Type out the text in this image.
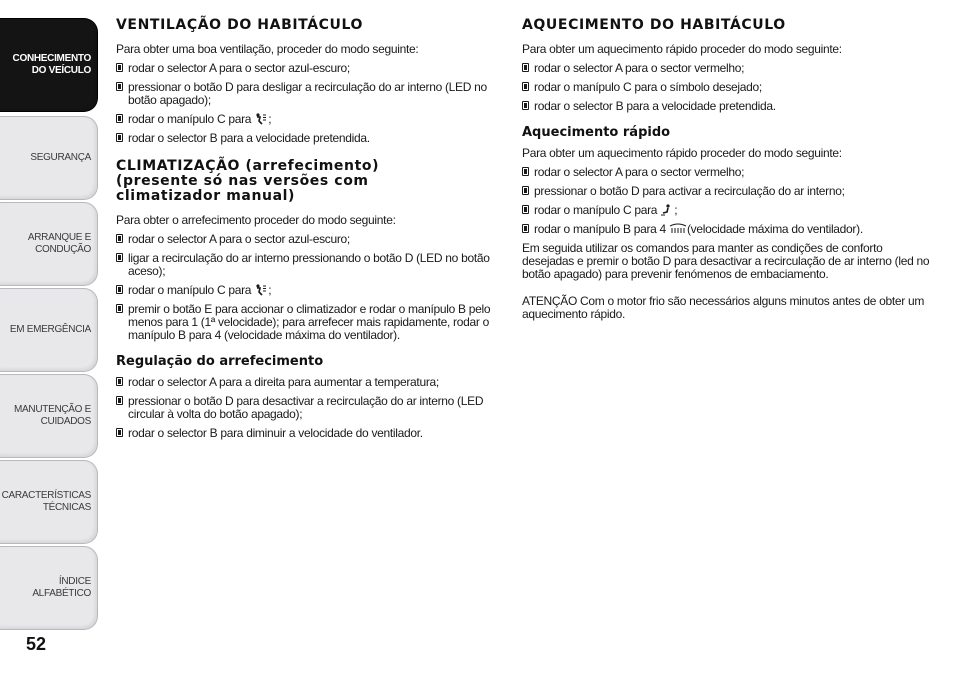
CONHECIMENTO
DO VEÍCULO
SEGURANÇA
ARRANQUE E
CONDUÇÃO
EM EMERGÊNCIA
MANUTENÇÃO E
CUIDADOS
CARACTERÍSTICAS
TÉCNICAS
ÍNDICE ALFABÉTICO
52
VENTILAÇÃO DO HABITÁCULO
Para obter uma boa ventilação, proceder do modo seguinte:
rodar o selector A para o sector azul-escuro;
pressionar o botão D para desligar a recirculação do ar interno (LED no botão apagado);
rodar o manípulo C para ;
rodar o selector B para a velocidade pretendida.
CLIMATIZAÇÃO (arrefecimento)
(presente só nas versões com
climatizador manual)
Para obter o arrefecimento proceder do modo seguinte:
rodar o selector A para o sector azul-escuro;
ligar a recirculação do ar interno pressionando o botão D (LED no botão aceso);
rodar o manípulo C para ;
premir o botão E para accionar o climatizador e rodar o manípulo B pelo menos para 1 (1ª velocidade); para arrefecer mais rapidamente, rodar o manípulo B para 4 (velocidade máxima do ventilador).
Regulação do arrefecimento
rodar o selector A para a direita para aumentar a temperatura;
pressionar o botão D para desactivar a recirculação do ar interno (LED circular à volta do botão apagado);
rodar o selector B para diminuir a velocidade do ventilador.
AQUECIMENTO DO HABITÁCULO
Para obter um aquecimento rápido proceder do modo seguinte:
rodar o selector A para o sector vermelho;
rodar o manípulo C para o símbolo desejado;
rodar o selector B para a velocidade pretendida.
Aquecimento rápido
Para obter um aquecimento rápido proceder do modo seguinte:
rodar o selector A para o sector vermelho;
pressionar o botão D para activar a recirculação do ar interno;
rodar o manípulo C para ;
rodar o manípulo B para 4 (velocidade máxima do ventilador).
Em seguida utilizar os comandos para manter as condições de conforto desejadas e premir o botão D para desactivar a recirculação de ar interno (led no botão apagado) para prevenir fenómenos de embaciamento.
ATENÇÃO Com o motor frio são necessários alguns minutos antes de obter um aquecimento rápido.
